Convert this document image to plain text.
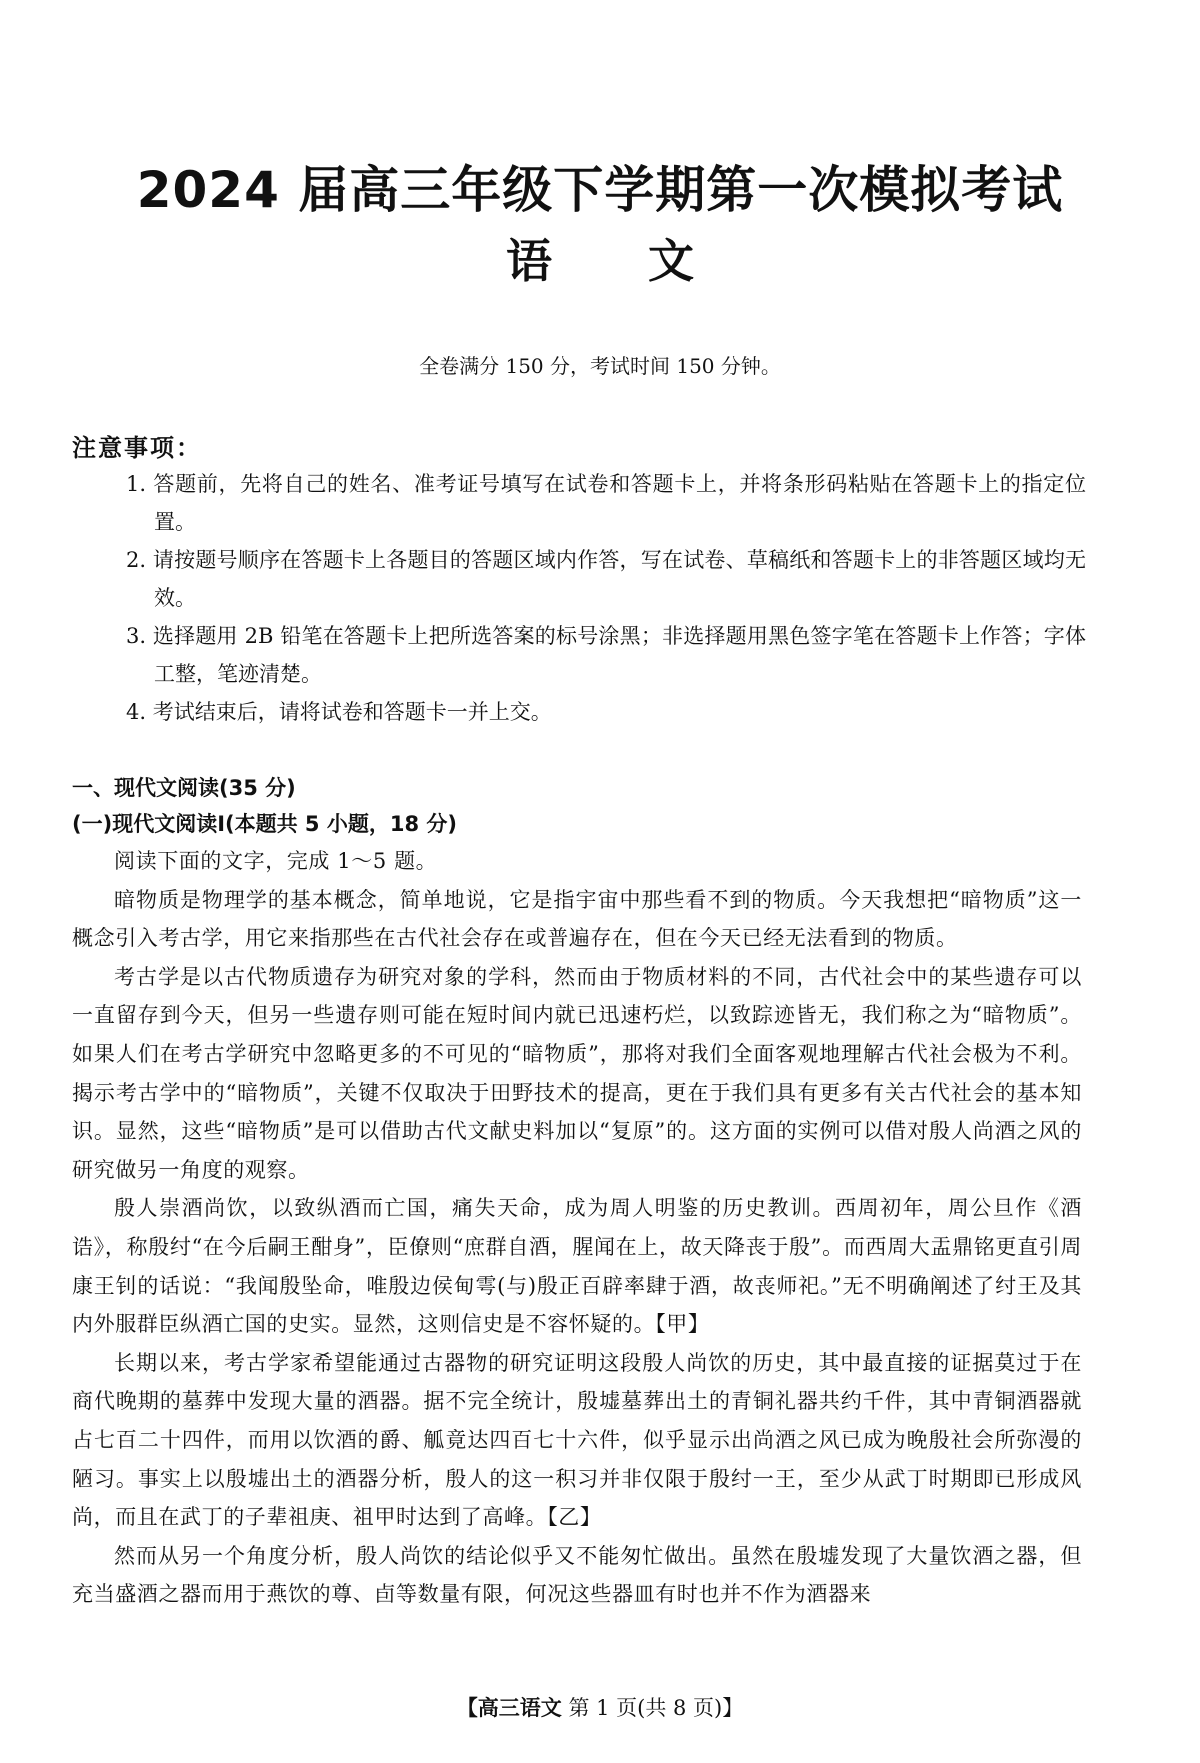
2024 届高三年级下学期第一次模拟考试
语文
全卷满分 150 分，考试时间 150 分钟。
注意事项：
1. 答题前，先将自己的姓名、准考证号填写在试卷和答题卡上，并将条形码粘贴在答题卡上的指定位置。
2. 请按题号顺序在答题卡上各题目的答题区域内作答，写在试卷、草稿纸和答题卡上的非答题区域均无效。
3. 选择题用 2B 铅笔在答题卡上把所选答案的标号涂黑；非选择题用黑色签字笔在答题卡上作答；字体工整，笔迹清楚。
4. 考试结束后，请将试卷和答题卡一并上交。
一、现代文阅读(35 分)
(一)现代文阅读Ⅰ(本题共 5 小题，18 分)

阅读下面的文字，完成 1～5 题。

暗物质是物理学的基本概念，简单地说，它是指宇宙中那些看不到的物质。今天我想把“暗物质”这一概念引入考古学，用它来指那些在古代社会存在或普遍存在，但在今天已经无法看到的物质。

考古学是以古代物质遗存为研究对象的学科，然而由于物质材料的不同，古代社会中的某些遗存可以一直留存到今天，但另一些遗存则可能在短时间内就已迅速朽烂，以致踪迹皆无，我们称之为“暗物质”。如果人们在考古学研究中忽略更多的不可见的“暗物质”，那将对我们全面客观地理解古代社会极为不利。揭示考古学中的“暗物质”，关键不仅取决于田野技术的提高，更在于我们具有更多有关古代社会的基本知识。显然，这些“暗物质”是可以借助古代文献史料加以“复原”的。这方面的实例可以借对殷人尚酒之风的研究做另一角度的观察。

殷人崇酒尚饮，以致纵酒而亡国，痛失天命，成为周人明鉴的历史教训。西周初年，周公旦作《酒诰》，称殷纣“在今后嗣王酣身”，臣僚则“庶群自酒，腥闻在上，故天降丧于殷”。而西周大盂鼎铭更直引周康王钊的话说：“我闻殷坠命，唯殷边侯甸雩(与)殷正百辟率肆于酒，故丧师祀。”无不明确阐述了纣王及其内外服群臣纵酒亡国的史实。显然，这则信史是不容怀疑的。【甲】

长期以来，考古学家希望能通过古器物的研究证明这段殷人尚饮的历史，其中最直接的证据莫过于在商代晚期的墓葬中发现大量的酒器。据不完全统计，殷墟墓葬出土的青铜礼器共约千件，其中青铜酒器就占七百二十四件，而用以饮酒的爵、觚竟达四百七十六件，似乎显示出尚酒之风已成为晚殷社会所弥漫的陋习。事实上以殷墟出土的酒器分析，殷人的这一积习并非仅限于殷纣一王，至少从武丁时期即已形成风尚，而且在武丁的子辈祖庚、祖甲时达到了高峰。【乙】

然而从另一个角度分析，殷人尚饮的结论似乎又不能匆忙做出。虽然在殷墟发现了大量饮酒之器，但充当盛酒之器而用于燕饮的尊、卣等数量有限，何况这些器皿有时也并不作为酒器来

【高三语文 第 1 页(共 8 页)】
